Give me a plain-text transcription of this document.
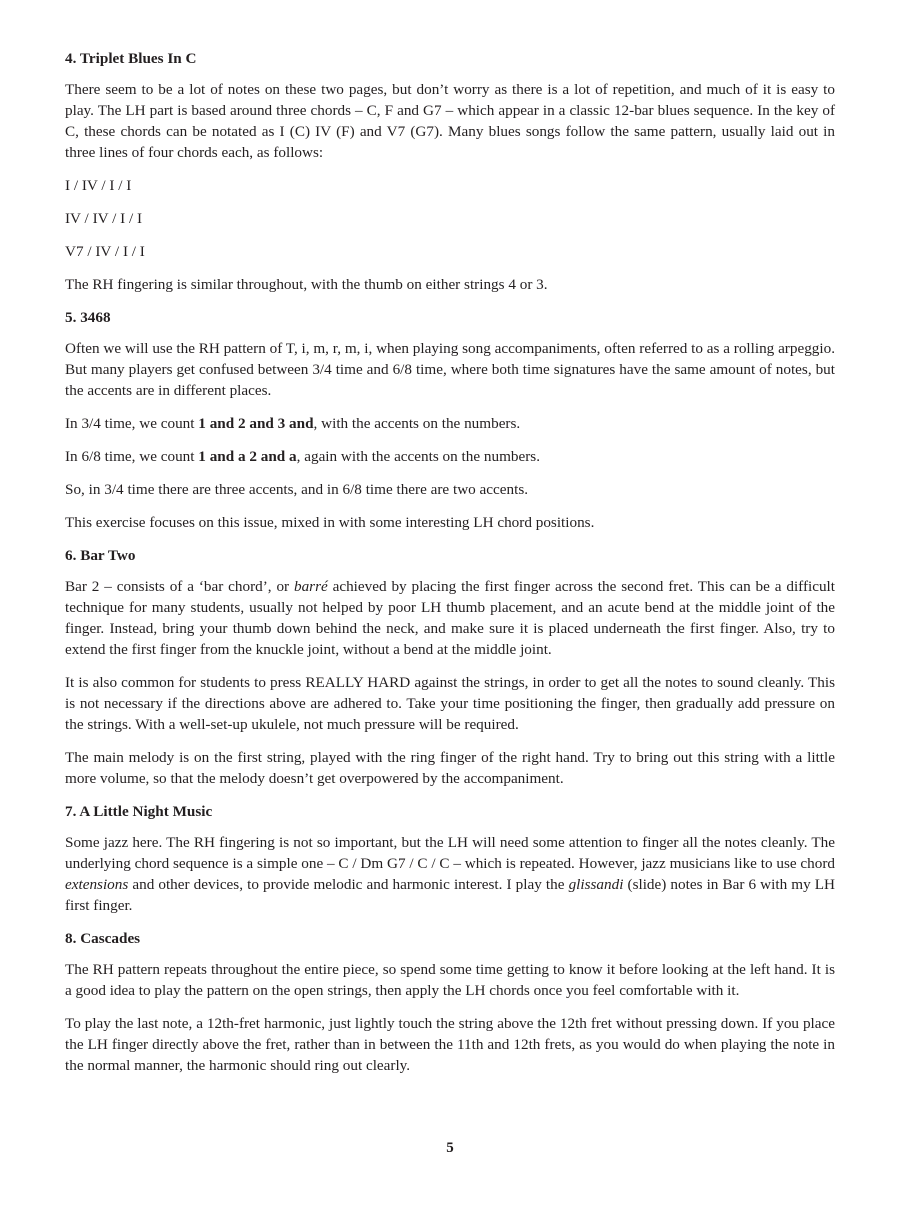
4. Triplet Blues In C

There seem to be a lot of notes on these two pages, but don’t worry as there is a lot of repetition, and much of it is easy to play. The LH part is based around three chords – C, F and G7 – which appear in a classic 12-bar blues sequence. In the key of C, these chords can be notated as I (C) IV (F) and V7 (G7). Many blues songs follow the same pattern, usually laid out in three lines of four chords each, as follows:

I / IV / I / I
IV / IV / I / I
V7 / IV / I / I

The RH fingering is similar throughout, with the thumb on either strings 4 or 3.

5. 3468

Often we will use the RH pattern of T, i, m, r, m, i, when playing song accompaniments, often referred to as a rolling arpeggio. But many players get confused between 3/4 time and 6/8 time, where both time signatures have the same amount of notes, but the accents are in different places.

In 3/4 time, we count 1 and 2 and 3 and, with the accents on the numbers.

In 6/8 time, we count 1 and a 2 and a, again with the accents on the numbers.

So, in 3/4 time there are three accents, and in 6/8 time there are two accents.

This exercise focuses on this issue, mixed in with some interesting LH chord positions.

6. Bar Two

Bar 2 – consists of a ‘bar chord’, or barré achieved by placing the first finger across the second fret. This can be a difficult technique for many students, usually not helped by poor LH thumb placement, and an acute bend at the middle joint of the finger. Instead, bring your thumb down behind the neck, and make sure it is placed underneath the first finger. Also, try to extend the first finger from the knuckle joint, without a bend at the middle joint.

It is also common for students to press REALLY HARD against the strings, in order to get all the notes to sound cleanly. This is not necessary if the directions above are adhered to. Take your time positioning the finger, then gradually add pressure on the strings. With a well-set-up ukulele, not much pressure will be required.

The main melody is on the first string, played with the ring finger of the right hand. Try to bring out this string with a little more volume, so that the melody doesn’t get overpowered by the accompaniment.

7. A Little Night Music

Some jazz here. The RH fingering is not so important, but the LH will need some attention to finger all the notes cleanly. The underlying chord sequence is a simple one – C / Dm G7 / C / C – which is repeated. However, jazz musicians like to use chord extensions and other devices, to provide melodic and harmonic interest. I play the glissandi (slide) notes in Bar 6 with my LH first finger.

8. Cascades

The RH pattern repeats throughout the entire piece, so spend some time getting to know it before looking at the left hand. It is a good idea to play the pattern on the open strings, then apply the LH chords once you feel comfortable with it.

To play the last note, a 12th-fret harmonic, just lightly touch the string above the 12th fret without pressing down. If you place the LH finger directly above the fret, rather than in between the 11th and 12th frets, as you would do when playing the note in the normal manner, the harmonic should ring out clearly.

5
